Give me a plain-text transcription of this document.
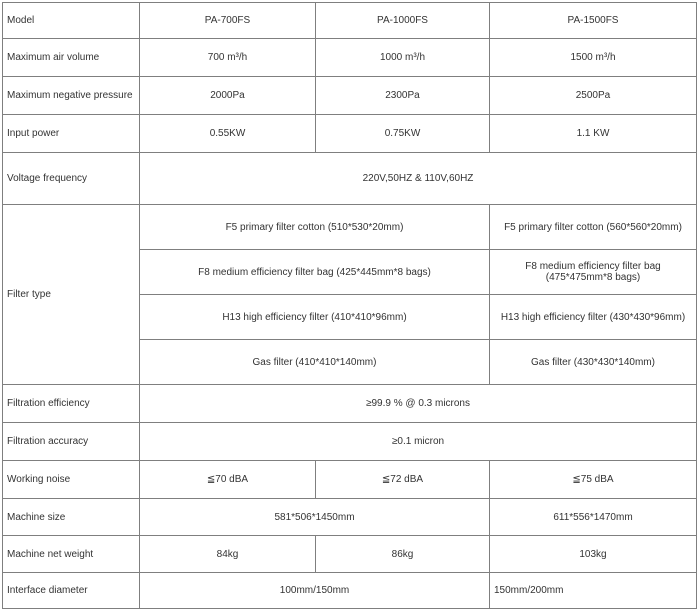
Model	PA-700FS	PA-1000FS	PA-1500FS
Maximum air volume	700 m³/h	1000 m³/h	1500 m³/h
Maximum negative pressure	2000Pa	2300Pa	2500Pa
Input power	0.55KW	0.75KW	1.1 KW
Voltage frequency	220V,50HZ & 110V,60HZ		
Filter type	F5 primary filter cotton (510*530*20mm)		F5 primary filter cotton (560*560*20mm)
	F8 medium efficiency filter bag (425*445mm*8 bags)		F8 medium efficiency filter bag (475*475mm*8 bags)
	H13 high efficiency filter (410*410*96mm)		H13 high efficiency filter (430*430*96mm)
	Gas filter (410*410*140mm)		Gas filter (430*430*140mm)
Filtration efficiency	≥99.9 % @ 0.3 microns		
Filtration accuracy	≥0.1 micron		
Working noise	≦70 dBA	≦72 dBA	≦75 dBA
Machine size	581*506*1450mm		611*556*1470mm
Machine net weight	84kg	86kg	103kg
Interface diameter	100mm/150mm		150mm/200mm
